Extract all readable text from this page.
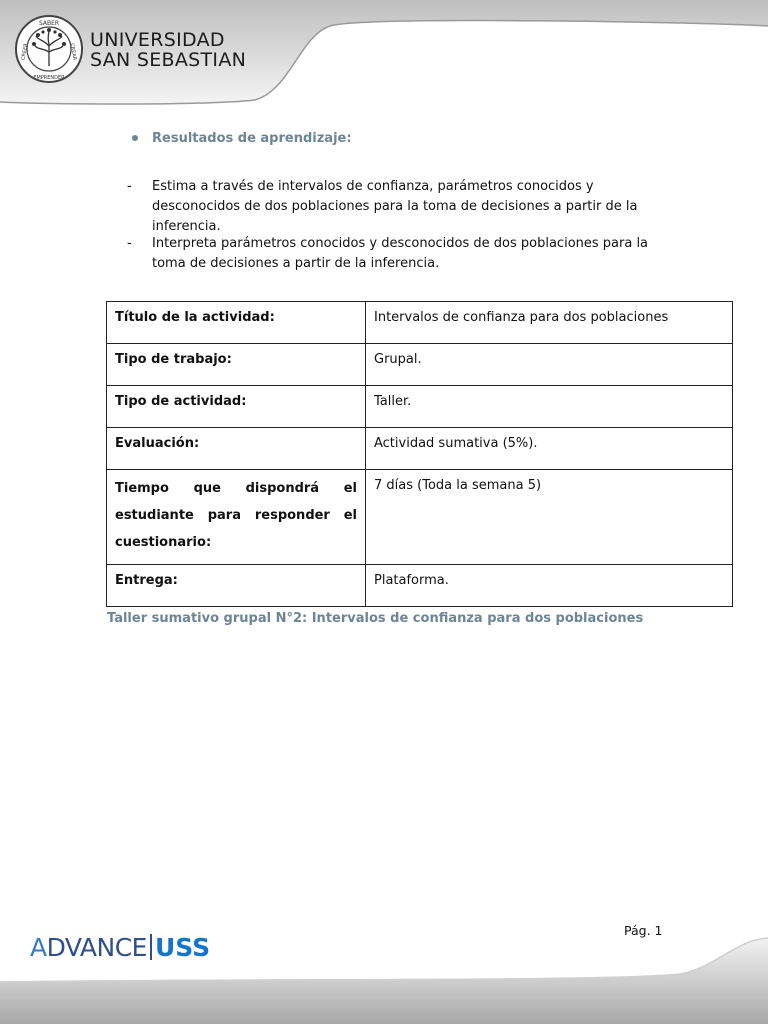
SABER
CREER	CREAR
EMPRENDER
UNIVERSIDAD
SAN SEBASTIAN
Resultados de aprendizaje:
- Estima a través de intervalos de confianza, parámetros conocidos y desconocidos de dos poblaciones para la toma de decisiones a partir de la inferencia.
- Interpreta parámetros conocidos y desconocidos de dos poblaciones para la toma de decisiones a partir de la inferencia.
Título de la actividad:	Intervalos de confianza para dos poblaciones
Tipo de trabajo:	Grupal.
Tipo de actividad:	Taller.
Evaluación:	Actividad sumativa (5%).
Tiempo que dispondrá el estudiante para responder el cuestionario:	7 días (Toda la semana 5)
Entrega:	Plataforma.
Taller sumativo grupal N°2: Intervalos de confianza para dos poblaciones
Pág. 1
ADVANCE USS
